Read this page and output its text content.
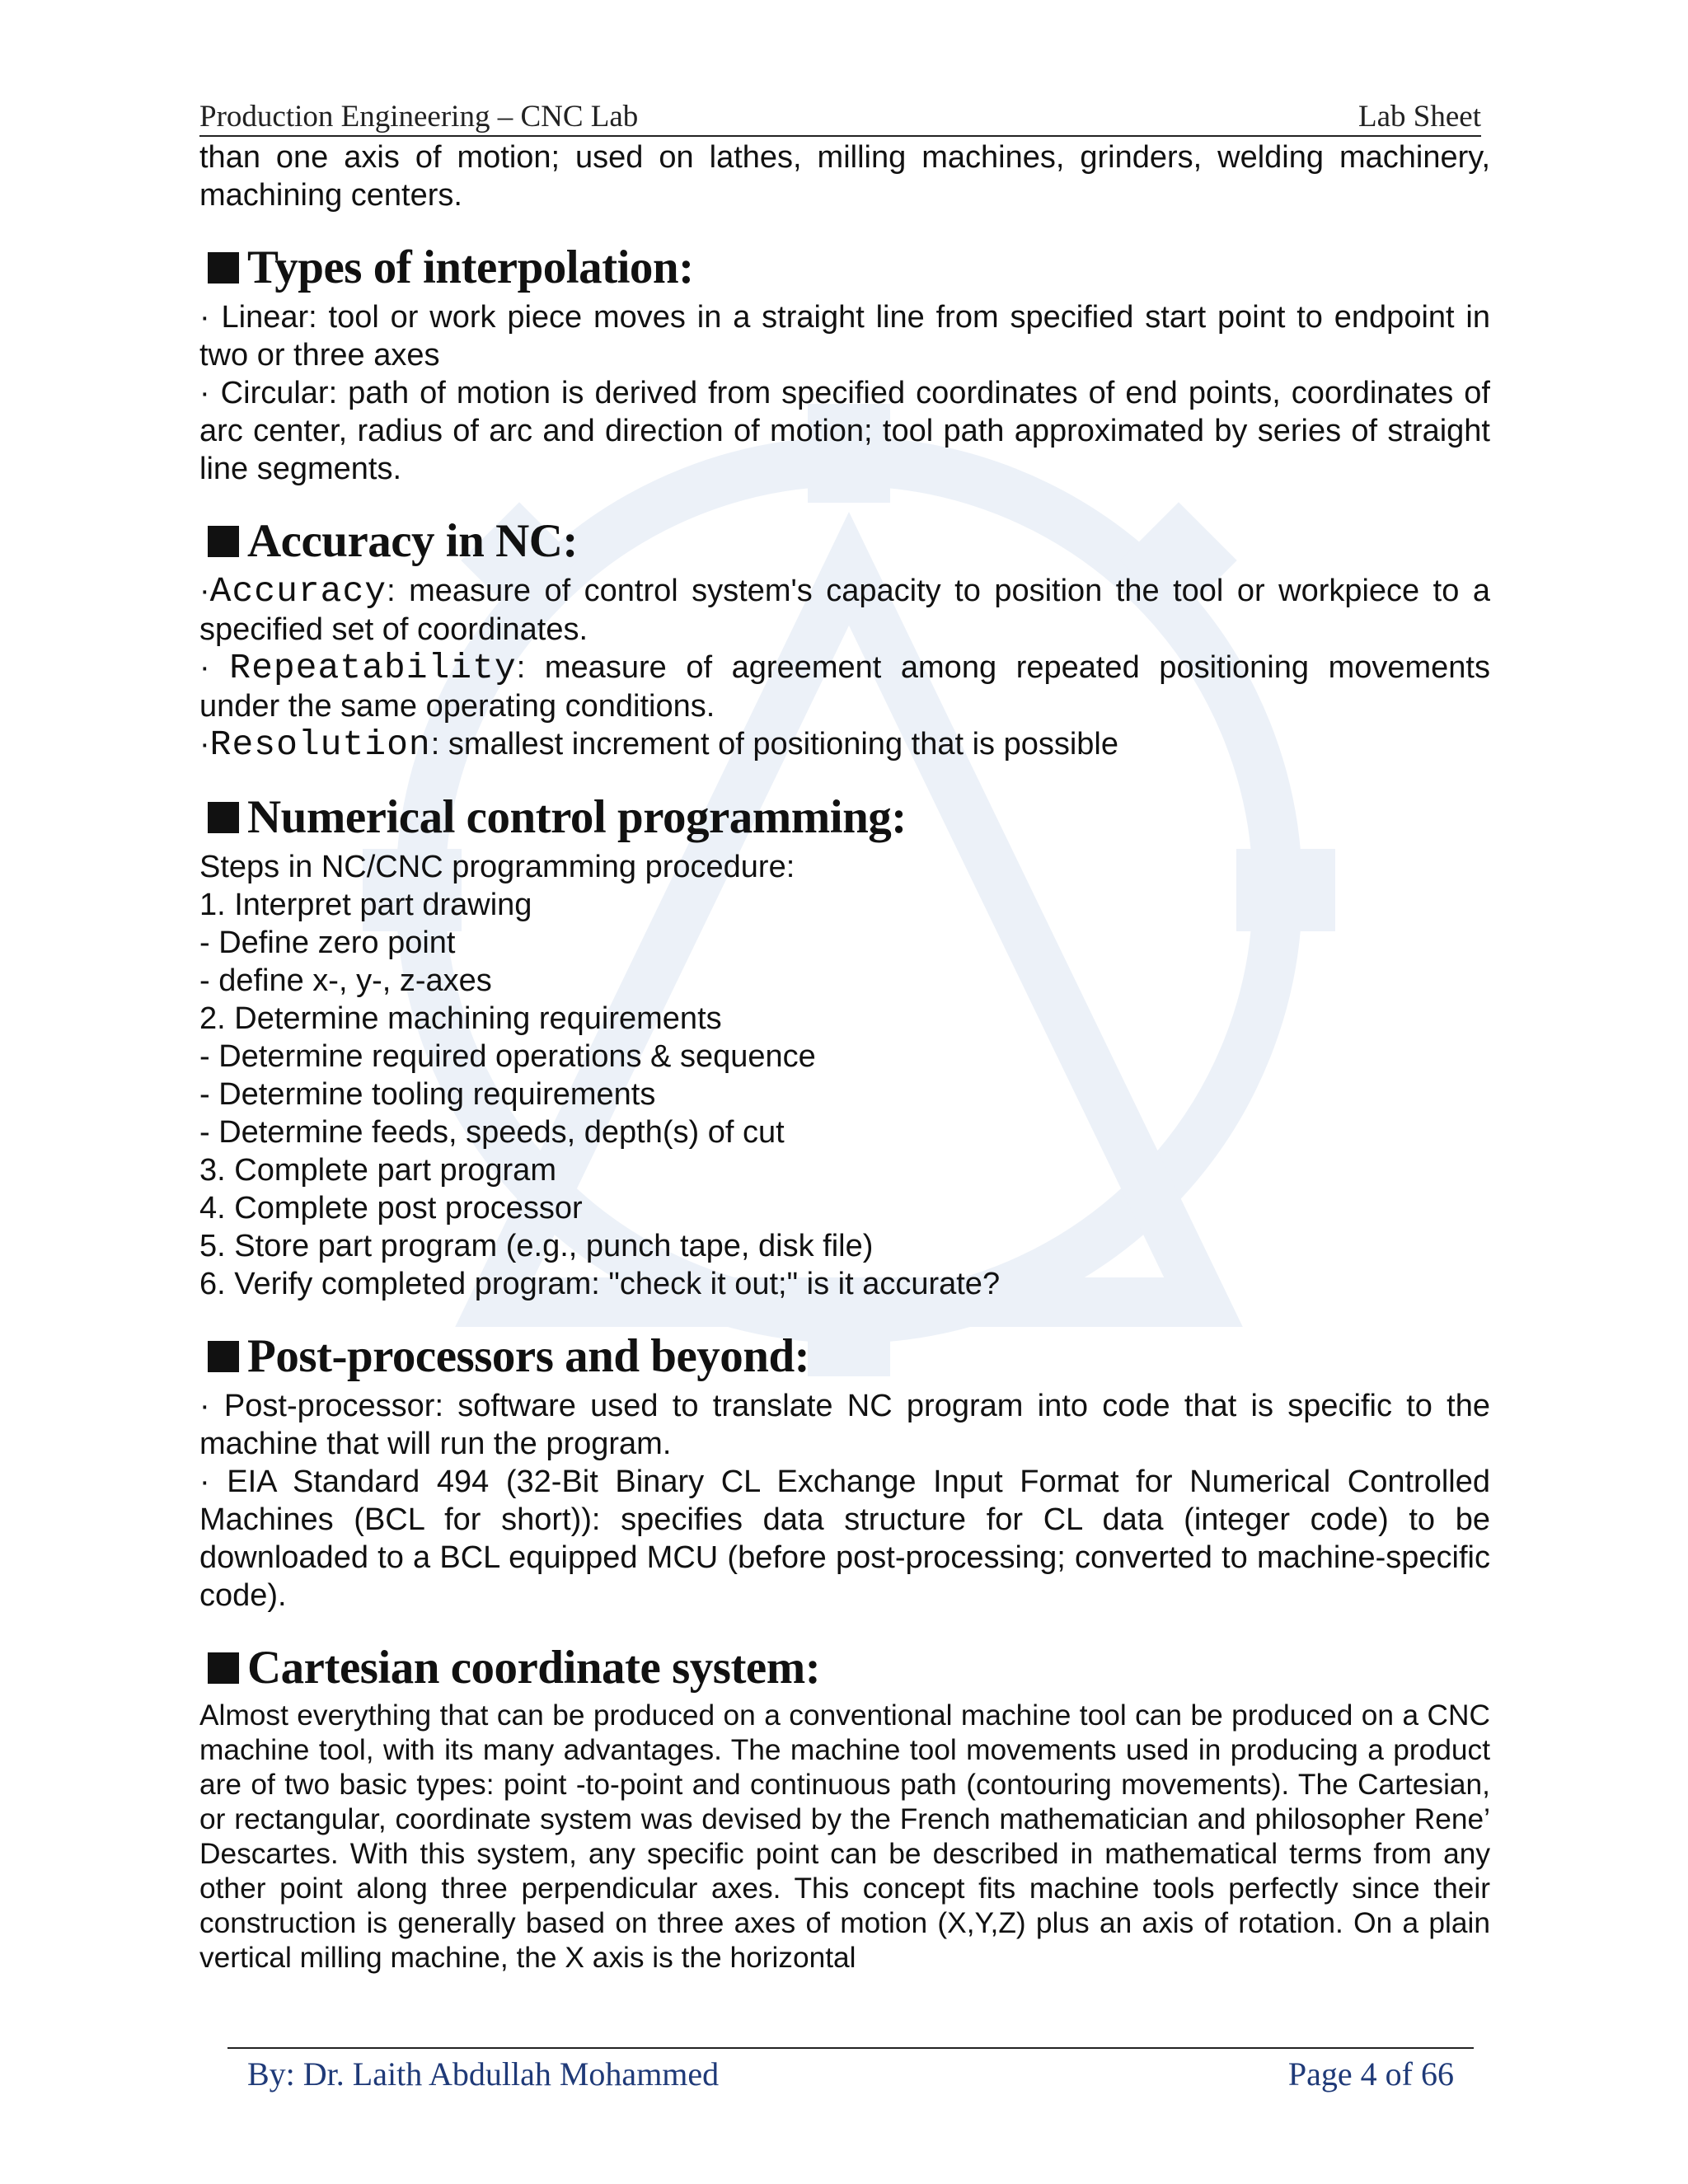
Production Engineering – CNC Lab	Lab Sheet

than one axis of motion; used on lathes, milling machines, grinders, welding machinery, machining centers.

Types of interpolation:

· Linear: tool or work piece moves in a straight line from specified start point to endpoint in two or three axes

· Circular: path of motion is derived from specified coordinates of end points, coordinates of arc center, radius of arc and direction of motion; tool path approximated by series of straight line segments.

Accuracy in NC:

·Accuracy: measure of control system's capacity to position the tool or workpiece to a specified set of coordinates.

· Repeatability: measure of agreement among repeated positioning movements under the same operating conditions.

·Resolution: smallest increment of positioning that is possible

Numerical control programming:

Steps in NC/CNC programming procedure:

1. Interpret part drawing
- Define zero point
- define x-, y-, z-axes
2. Determine machining requirements
- Determine required operations & sequence
- Determine tooling requirements
- Determine feeds, speeds, depth(s) of cut
3. Complete part program
4. Complete post processor
5. Store part program (e.g., punch tape, disk file)
6. Verify completed program: "check it out;" is it accurate?
Post-processors and beyond:

· Post-processor: software used to translate NC program into code that is specific to the machine that will run the program.

· EIA Standard 494 (32-Bit Binary CL Exchange Input Format for Numerical Controlled Machines (BCL for short)): specifies data structure for CL data (integer code) to be downloaded to a BCL equipped MCU (before post-processing; converted to machine-specific code).

Cartesian coordinate system:

Almost everything that can be produced on a conventional machine tool can be produced on a CNC machine tool, with its many advantages. The machine tool movements used in producing a product are of two basic types: point -to-point and continuous path (contouring movements). The Cartesian, or rectangular, coordinate system was devised by the French mathematician and philosopher Rene’ Descartes. With this system, any specific point can be described in mathematical terms from any other point along three perpendicular axes. This concept fits machine tools perfectly since their construction is generally based on three axes of motion (X,Y,Z) plus an axis of rotation. On a plain vertical milling machine, the X axis is the horizontal

By: Dr. Laith Abdullah Mohammed	Page 4 of 66
